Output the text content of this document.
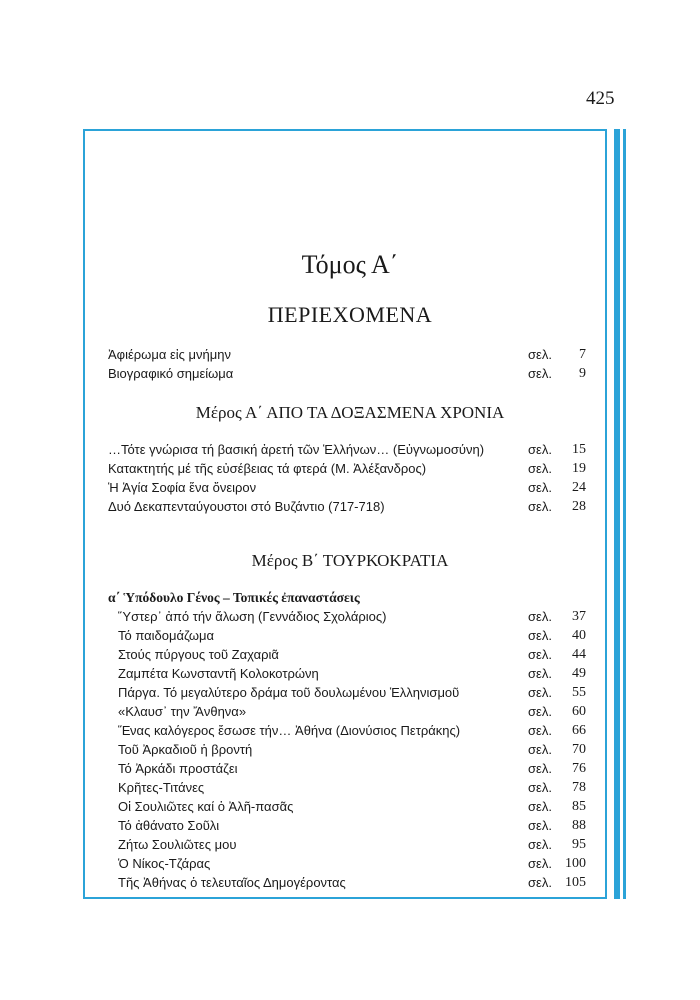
425
Τόμος Α΄
ΠΕΡΙΕΧΟΜΕΝΑ
Ἀφιέρωμα εἰς μνήμην	σελ. 7
Βιογραφικό σημείωμα	σελ. 9
Μέρος Α΄ ΑΠΟ ΤΑ ΔΟΞΑΣΜΕΝΑ ΧΡΟΝΙΑ
…Τότε γνώρισα τή βασική ἀρετή τῶν Ἑλλήνων… (Εὐγνωμοσύνη)	σελ. 15
Κατακτητής μέ τῆς εὐσέβειας τά φτερά (Μ. Ἀλέξανδρος)	σελ. 19
Ἡ Ἁγία Σοφία ἕνα ὄνειρον	σελ. 24
Δυό Δεκαπενταύγουστοι στό Βυζάντιο (717-718)	σελ. 28
Μέρος Β΄ ΤΟΥΡΚΟΚΡΑΤΙΑ
α΄ Ὑπόδουλο Γένος – Τοπικές ἐπαναστάσεις
Ὕστερ᾽ ἀπό τήν ἅλωση (Γεννάδιος Σχολάριος)	σελ. 37
Τό παιδομάζωμα	σελ. 40
Στούς πύργους τοῦ Ζαχαριᾶ	σελ. 44
Ζαμπέτα Κωνσταντῆ Κολοκοτρώνη	σελ. 49
Πάργα. Τό μεγαλύτερο δράμα τοῦ δουλωμένου Ἑλληνισμοῦ	σελ. 55
«Κλαυσ᾽ την Ἄνθηνα»	σελ. 60
Ἕνας καλόγερος ἔσωσε τήν… Ἀθήνα (Διονύσιος Πετράκης)	σελ. 66
Τοῦ Ἀρκαδιοῦ ἡ βροντή	σελ. 70
Τό Ἀρκάδι προστάζει	σελ. 76
Κρῆτες-Τιτάνες	σελ. 78
Οἱ Σουλιῶτες καί ὁ Ἀλῆ-πασᾶς	σελ. 85
Τό ἀθάνατο Σοῦλι	σελ. 88
Ζήτω Σουλιῶτες μου	σελ. 95
Ὁ Νίκος-Τζάρας	σελ. 100
Τῆς Ἀθήνας ὁ τελευταῖος Δημογέροντας	σελ. 105
